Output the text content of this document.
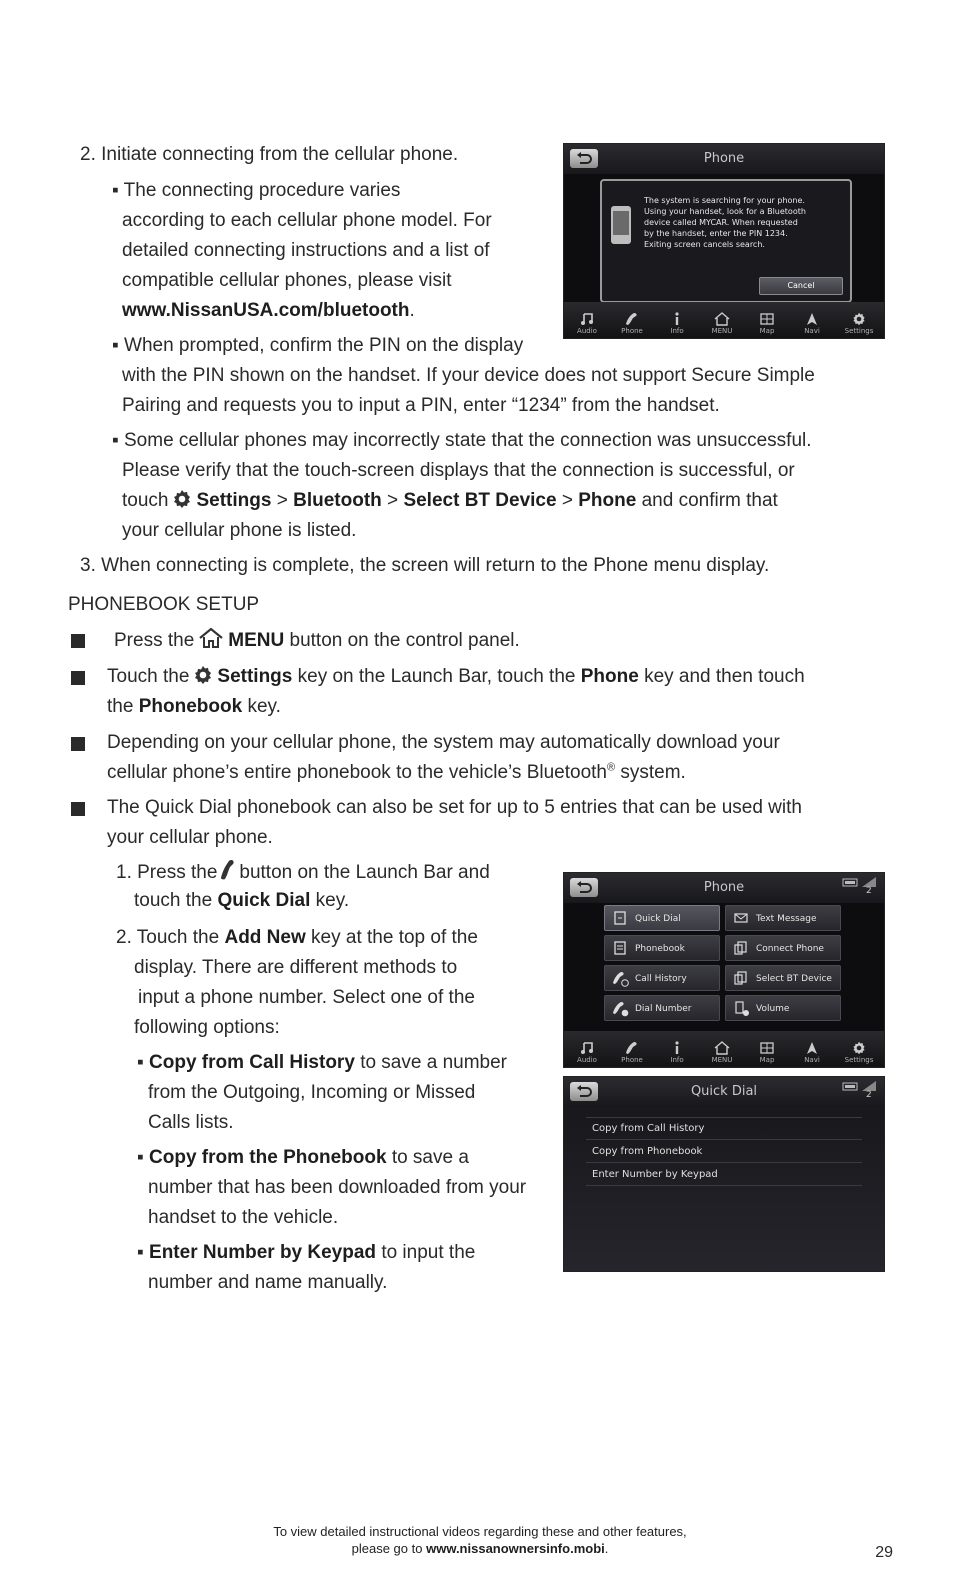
2. Initiate connecting from the cellular phone.
▪ The connecting procedure varies
according to each cellular phone model. For
detailed connecting instructions and a list of
compatible cellular phones, please visit
www.NissanUSA.com/bluetooth.
▪ When prompted, confirm the PIN on the display
with the PIN shown on the handset. If your device does not support Secure Simple
Pairing and requests you to input a PIN, enter “1234” from the handset.
▪ Some cellular phones may incorrectly state that the connection was unsuccessful.
Please verify that the touch-screen displays that the connection is successful, or
touch Settings > Bluetooth > Select BT Device > Phone and confirm that
your cellular phone is listed.
3. When connecting is complete, the screen will return to the Phone menu display.
PHONEBOOK SETUP
Press the MENU button on the control panel.
Touch the Settings key on the Launch Bar, touch the Phone key and then touch
the Phonebook key.
Depending on your cellular phone, the system may automatically download your
cellular phone’s entire phonebook to the vehicle’s Bluetooth® system.
The Quick Dial phonebook can also be set for up to 5 entries that can be used with
your cellular phone.
1. Press the button on the Launch Bar and
touch the Quick Dial key.
2. Touch the Add New key at the top of the
display. There are different methods to
input a phone number. Select one of the
following options:
▪ Copy from Call History to save a number
from the Outgoing, Incoming or Missed
Calls lists.
▪ Copy from the Phonebook to save a
number that has been downloaded from your
handset to the vehicle.
▪ Enter Number by Keypad to input the
number and name manually.
Phone
The system is searching for your phone.
Using your handset, look for a Bluetooth
device called MYCAR. When requested
by the handset, enter the PIN 1234.
Exiting screen cancels search.
Cancel
Audio	Phone	Info	MENU	Map	Navi	Settings
Phone	2
Quick Dial	Text Message
Phonebook	Connect Phone
Call History	Select BT Device
Dial Number	Volume
Audio	Phone	Info	MENU	Map	Navi	Settings
Quick Dial	2
Copy from Call History
Copy from Phonebook
Enter Number by Keypad
To view detailed instructional videos regarding these and other features,
please go to www.nissanownersinfo.mobi.	29
